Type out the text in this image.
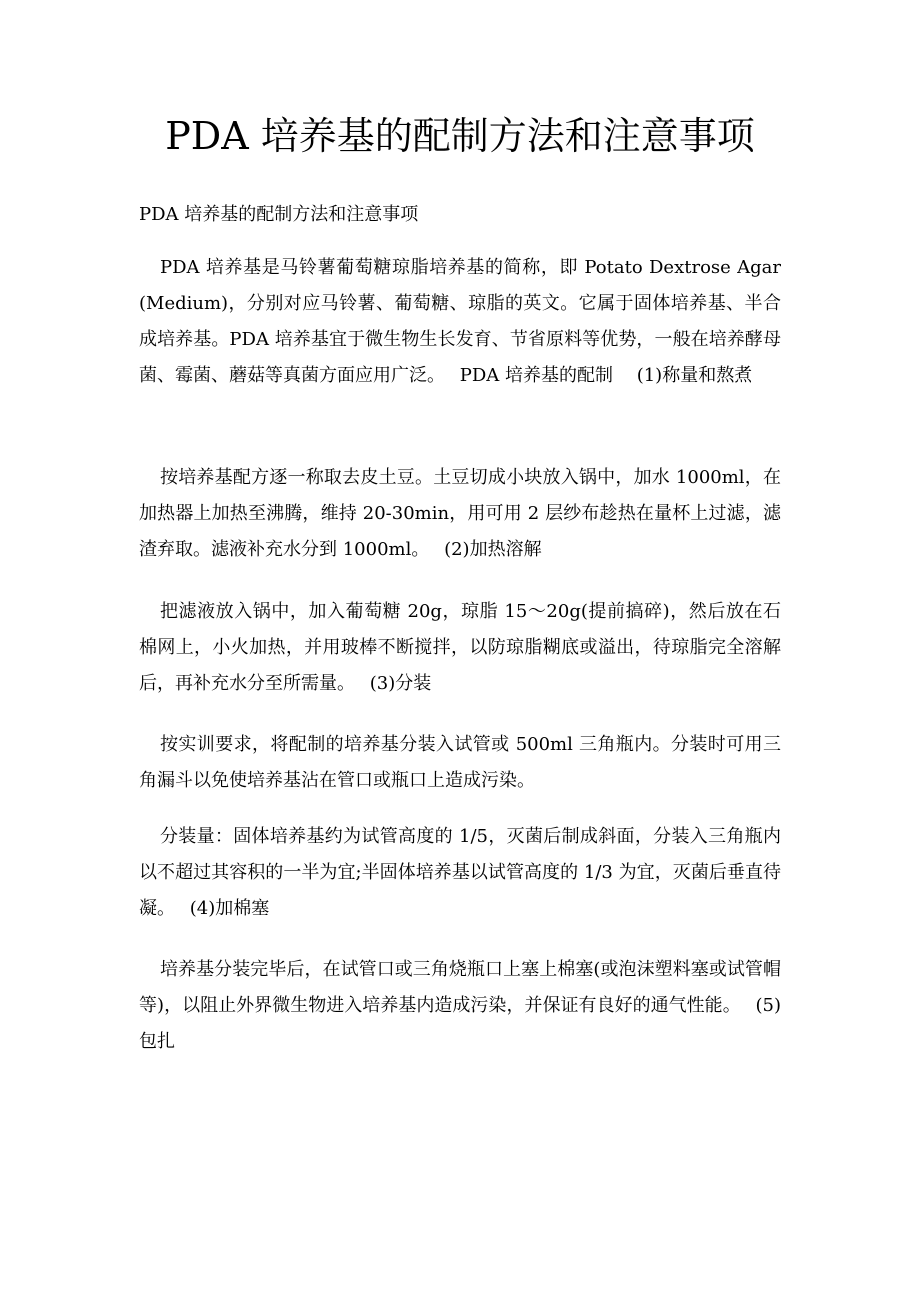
PDA 培养基的配制方法和注意事项

PDA 培养基的配制方法和注意事项

PDA 培养基是马铃薯葡萄糖琼脂培养基的简称，即 Potato Dextrose Agar (Medium)，分别对应马铃薯、葡萄糖、琼脂的英文。它属于固体培养基、半合成培养基。PDA 培养基宜于微生物生长发育、节省原料等优势，一般在培养酵母菌、霉菌、蘑菇等真菌方面应用广泛。　 PDA 培养基的配制　 (1)称量和熬煮

按培养基配方逐一称取去皮土豆。土豆切成小块放入锅中，加水 1000ml，在加热器上加热至沸腾，维持 20-30min，用可用 2 层纱布趁热在量杯上过滤，滤渣弃取。滤液补充水分到 1000ml。　 (2)加热溶解

把滤液放入锅中，加入葡萄糖 20g，琼脂 15～20g(提前搞碎)，然后放在石棉网上，小火加热，并用玻棒不断搅拌，以防琼脂糊底或溢出，待琼脂完全溶解后，再补充水分至所需量。　 (3)分装

按实训要求，将配制的培养基分装入试管或 500ml 三角瓶内。分装时可用三角漏斗以免使培养基沾在管口或瓶口上造成污染。

分装量：固体培养基约为试管高度的 1/5，灭菌后制成斜面，分装入三角瓶内以不超过其容积的一半为宜;半固体培养基以试管高度的 1/3 为宜，灭菌后垂直待凝。　 (4)加棉塞

培养基分装完毕后，在试管口或三角烧瓶口上塞上棉塞(或泡沫塑料塞或试管帽等)，以阻止外界微生物进入培养基内造成污染，并保证有良好的通气性能。　 (5)包扎
